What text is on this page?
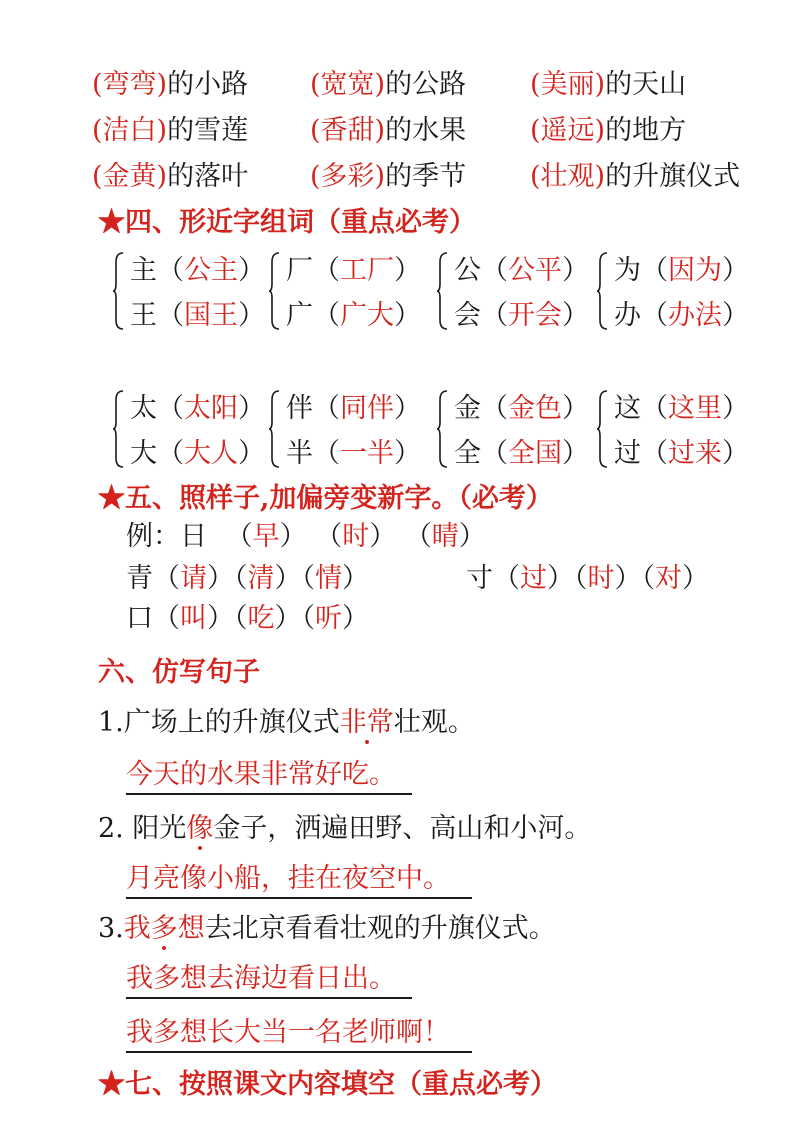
(弯弯)的小路 (宽宽)的公路 (美丽)的天山
(洁白)的雪莲 (香甜)的水果 (遥远)的地方
(金黄)的落叶 (多彩)的季节 (壮观)的升旗仪式
★四、形近字组词（重点必考）
主（公主）
王（国王）
厂（工厂）
广（广大）
公（公平）
会（开会）
为（因为）
办（办法）
太（太阳）
大（大人）
伴（同伴）
半（一半）
金（金色）
全（全国）
这（这里）
过（过来）
★五、照样子,加偏旁变新字。（必考）
例：日 （早） （时） （晴）
青（请）（清）（情）	寸（过）（时）（对）
口（叫）（吃）（听）
六、仿写句子
1.广场上的升旗仪式非常壮观。
今天的水果非常好吃。
2. 阳光像金子，洒遍田野、高山和小河。
月亮像小船，挂在夜空中。
3.我多想去北京看看壮观的升旗仪式。
我多想去海边看日出。
我多想长大当一名老师啊！
★七、按照课文内容填空（重点必考）
